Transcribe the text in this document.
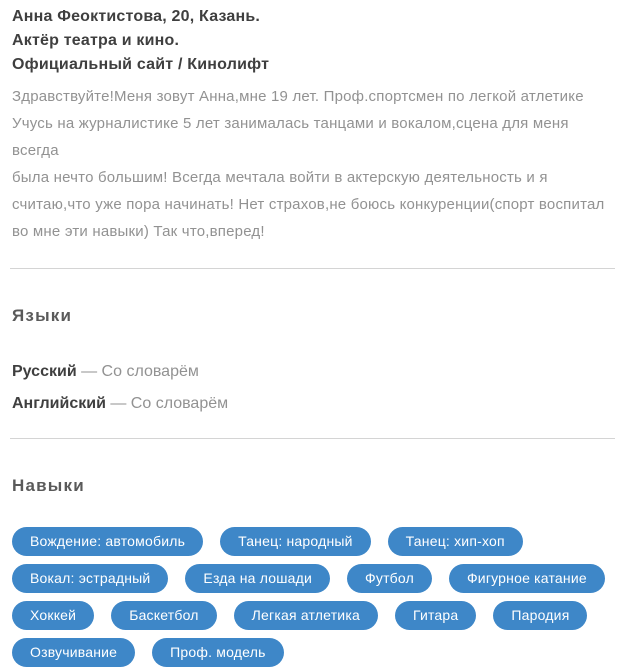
Анна Феоктистова, 20, Казань.
Актёр театра и кино.
Официальный сайт / Кинолифт
Здравствуйте!Меня зовут Анна,мне 19 лет. Проф.спортсмен по легкой атлетике
Учусь на журналистике 5 лет занималась танцами и вокалом,сцена для меня всегда
была нечто большим! Всегда мечтала войти в актерскую деятельность и я
считаю,что уже пора начинать! Нет страхов,не боюсь конкуренции(спорт воспитал
во мне эти навыки) Так что,вперед!
Языки
Русский — Со словарём
Английский — Со словарём
Навыки
Вождение: автомобиль	Танец: народный	Танец: хип-хоп
Вокал: эстрадный	Езда на лошади	Футбол	Фигурное катание
Хоккей	Баскетбол	Легкая атлетика	Гитара	Пародия
Озвучивание	Проф. модель
